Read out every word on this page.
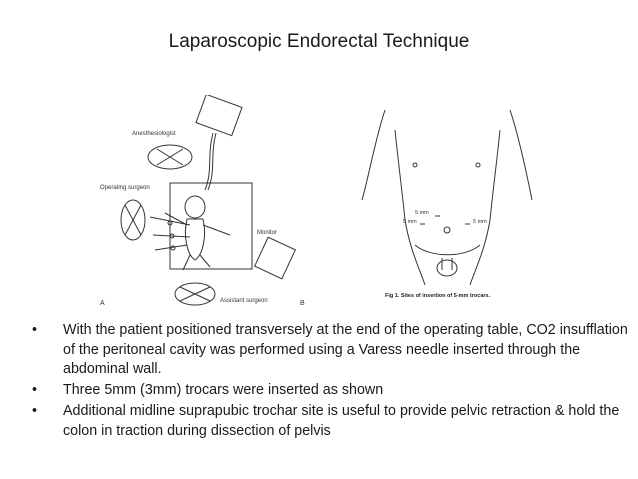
Laparoscopic Endorectal Technique
Anesthesiologist
Operating surgeon
Monitor
Assistant surgeon
A	B
5 mm
5 mm	5 mm
Fig 1. Sites of insertion of 5-mm trocars.
• With the patient positioned transversely at the end of the operating table, CO2 insufflation of the peritoneal cavity was performed using a Varess needle inserted through the abdominal wall.
• Three 5mm (3mm) trocars were inserted as shown
• Additional midline suprapubic trochar site is useful to provide pelvic retraction & hold the colon in traction during dissection of pelvis
